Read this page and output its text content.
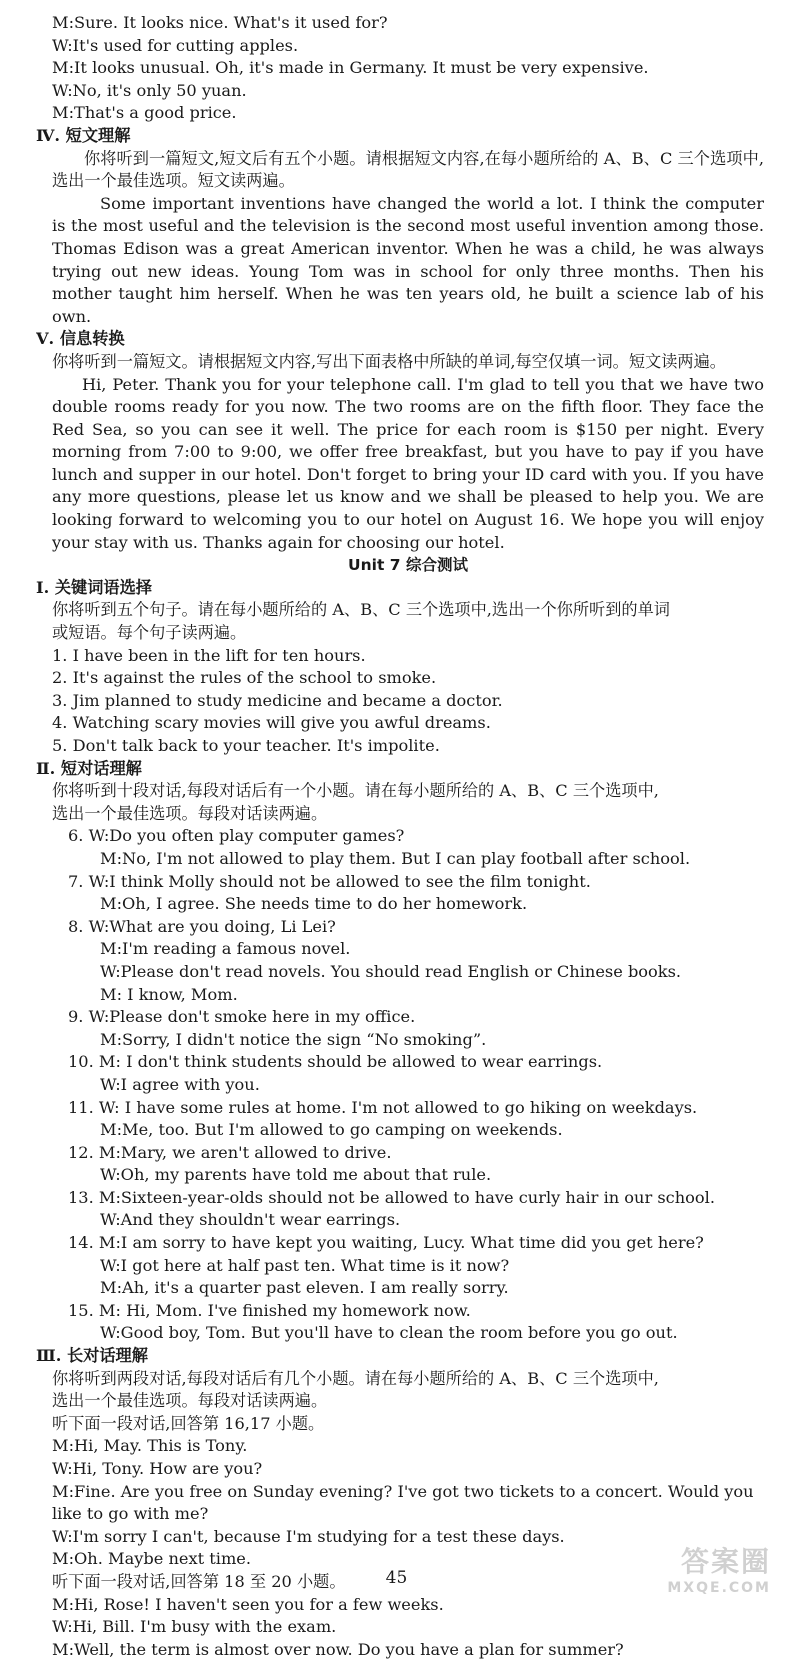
M:Sure. It looks nice. What's it used for?
W:It's used for cutting apples.
M:It looks unusual. Oh, it's made in Germany. It must be very expensive.
W:No, it's only 50 yuan.
M:That's a good price.
Ⅳ. 短文理解
你将听到一篇短文,短文后有五个小题。请根据短文内容,在每小题所给的 A、B、C 三个选项中,选出一个最佳选项。短文读两遍。
Some important inventions have changed the world a lot. I think the computer is the most useful and the television is the second most useful invention among those. Thomas Edison was a great American inventor. When he was a child, he was always trying out new ideas. Young Tom was in school for only three months. Then his mother taught him herself. When he was ten years old, he built a science lab of his own.
Ⅴ. 信息转换
你将听到一篇短文。请根据短文内容,写出下面表格中所缺的单词,每空仅填一词。短文读两遍。
Hi, Peter. Thank you for your telephone call. I'm glad to tell you that we have two double rooms ready for you now. The two rooms are on the fifth floor. They face the Red Sea, so you can see it well. The price for each room is $150 per night. Every morning from 7:00 to 9:00, we offer free breakfast, but you have to pay if you have lunch and supper in our hotel. Don't forget to bring your ID card with you. If you have any more questions, please let us know and we shall be pleased to help you. We are looking forward to welcoming you to our hotel on August 16. We hope you will enjoy your stay with us. Thanks again for choosing our hotel.
Unit 7 综合测试
Ⅰ. 关键词语选择
你将听到五个句子。请在每小题所给的 A、B、C 三个选项中,选出一个你所听到的单词
或短语。每个句子读两遍。
1. I have been in the lift for ten hours.
2. It's against the rules of the school to smoke.
3. Jim planned to study medicine and became a doctor.
4. Watching scary movies will give you awful dreams.
5. Don't talk back to your teacher. It's impolite.
Ⅱ. 短对话理解
你将听到十段对话,每段对话后有一个小题。请在每小题所给的 A、B、C 三个选项中,
选出一个最佳选项。每段对话读两遍。
6. W:Do you often play computer games?
M:No, I'm not allowed to play them. But I can play football after school.
7. W:I think Molly should not be allowed to see the film tonight.
M:Oh, I agree. She needs time to do her homework.
8. W:What are you doing, Li Lei?
M:I'm reading a famous novel.
W:Please don't read novels. You should read English or Chinese books.
M: I know, Mom.
9. W:Please don't smoke here in my office.
M:Sorry, I didn't notice the sign “No smoking”.
10. M: I don't think students should be allowed to wear earrings.
W:I agree with you.
11. W: I have some rules at home. I'm not allowed to go hiking on weekdays.
M:Me, too. But I'm allowed to go camping on weekends.
12. M:Mary, we aren't allowed to drive.
W:Oh, my parents have told me about that rule.
13. M:Sixteen-year-olds should not be allowed to have curly hair in our school.
W:And they shouldn't wear earrings.
14. M:I am sorry to have kept you waiting, Lucy. What time did you get here?
W:I got here at half past ten. What time is it now?
M:Ah, it's a quarter past eleven. I am really sorry.
15. M: Hi, Mom. I've finished my homework now.
W:Good boy, Tom. But you'll have to clean the room before you go out.
Ⅲ. 长对话理解
你将听到两段对话,每段对话后有几个小题。请在每小题所给的 A、B、C 三个选项中,
选出一个最佳选项。每段对话读两遍。
听下面一段对话,回答第 16,17 小题。
M:Hi, May. This is Tony.
W:Hi, Tony. How are you?
M:Fine. Are you free on Sunday evening? I've got two tickets to a concert. Would you
like to go with me?
W:I'm sorry I can't, because I'm studying for a test these days.
M:Oh. Maybe next time.
听下面一段对话,回答第 18 至 20 小题。
M:Hi, Rose! I haven't seen you for a few weeks.
W:Hi, Bill. I'm busy with the exam.
M:Well, the term is almost over now. Do you have a plan for summer?
45	答案圈
MXQE.COM
